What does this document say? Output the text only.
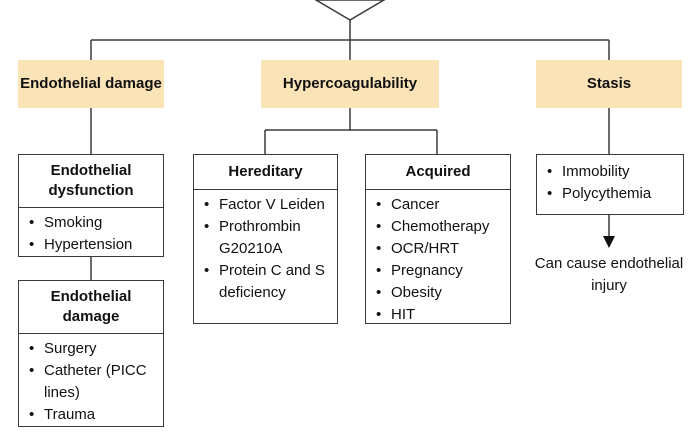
Endothelial damage	Hypercoagulability	Stasis
Endothelial dysfunction
• Smoking
• Hypertension
Endothelial damage
• Surgery
• Catheter (PICC lines)
• Trauma
Hereditary
• Factor V Leiden
• Prothrombin G20210A
• Protein C and S deficiency
Acquired
• Cancer
• Chemotherapy
• OCR/HRT
• Pregnancy
• Obesity
• HIT
• Immobility
• Polycythemia
Can cause endothelial injury
